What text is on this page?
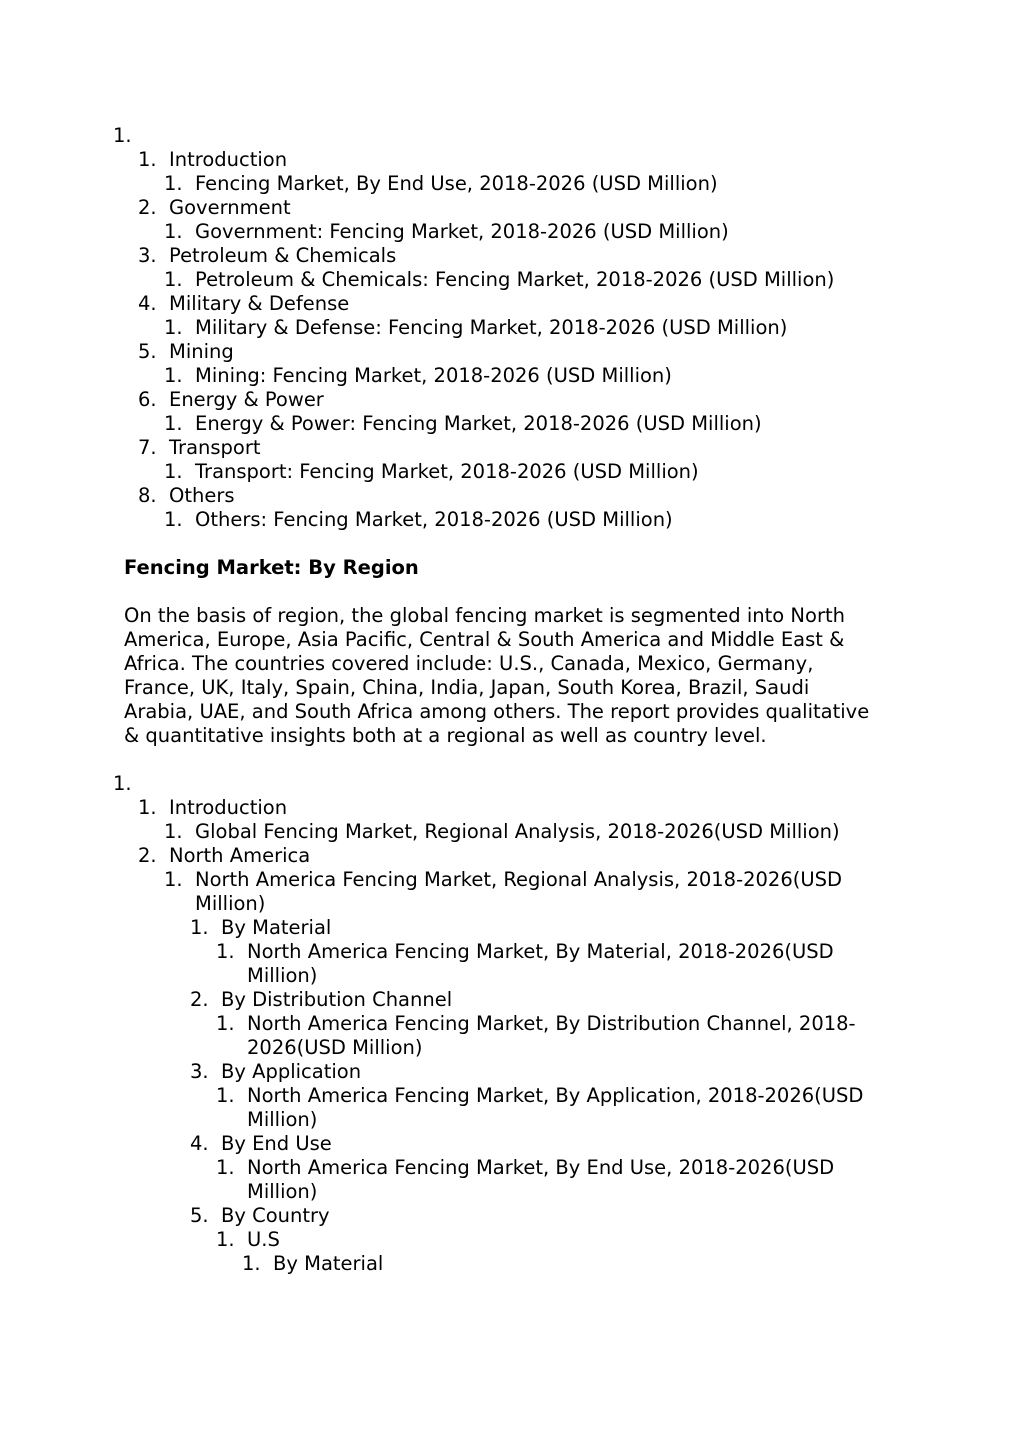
1.
1. Introduction
1. Fencing Market, By End Use, 2018-2026 (USD Million)
2. Government
1. Government: Fencing Market, 2018-2026 (USD Million)
3. Petroleum & Chemicals
1. Petroleum & Chemicals: Fencing Market, 2018-2026 (USD Million)
4. Military & Defense
1. Military & Defense: Fencing Market, 2018-2026 (USD Million)
5. Mining
1. Mining: Fencing Market, 2018-2026 (USD Million)
6. Energy & Power
1. Energy & Power: Fencing Market, 2018-2026 (USD Million)
7. Transport
1. Transport: Fencing Market, 2018-2026 (USD Million)
8. Others
1. Others: Fencing Market, 2018-2026 (USD Million)
Fencing Market: By Region
On the basis of region, the global fencing market is segmented into North
America, Europe, Asia Pacific, Central & South America and Middle East &
Africa. The countries covered include: U.S., Canada, Mexico, Germany,
France, UK, Italy, Spain, China, India, Japan, South Korea, Brazil, Saudi
Arabia, UAE, and South Africa among others. The report provides qualitative
& quantitative insights both at a regional as well as country level.
1.
1. Introduction
1. Global Fencing Market, Regional Analysis, 2018-2026(USD Million)
2. North America
1. North America Fencing Market, Regional Analysis, 2018-2026(USD
Million)
1. By Material
1. North America Fencing Market, By Material, 2018-2026(USD
Million)
2. By Distribution Channel
1. North America Fencing Market, By Distribution Channel, 2018-
2026(USD Million)
3. By Application
1. North America Fencing Market, By Application, 2018-2026(USD
Million)
4. By End Use
1. North America Fencing Market, By End Use, 2018-2026(USD
Million)
5. By Country
1. U.S
1. By Material
